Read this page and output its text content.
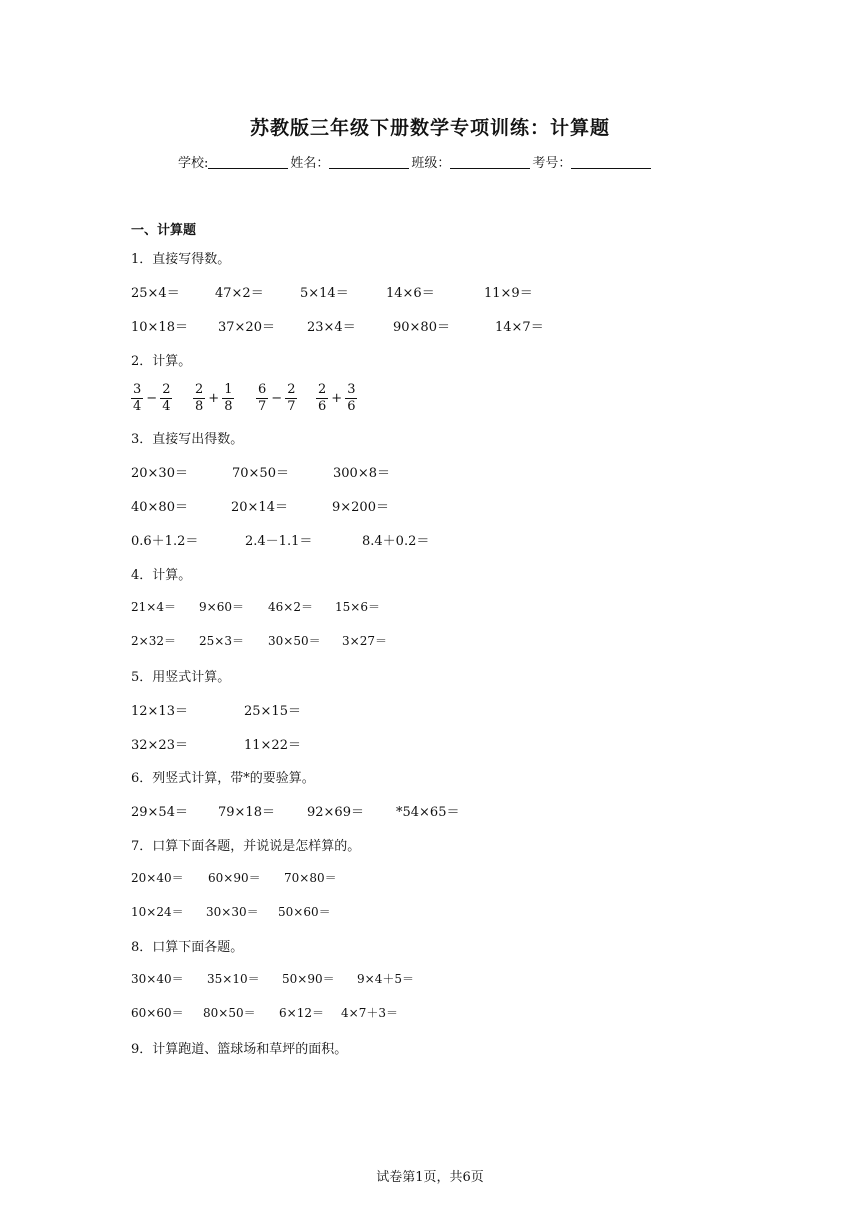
苏教版三年级下册数学专项训练：计算题
学校:	姓名：	班级：	考号：
一、计算题
1．直接写得数。
25×4＝	47×2＝	5×14＝	14×6＝	11×9＝
10×18＝ 37×20＝ 23×4＝	90×80＝	14×7＝
2．计算。
$\frac{3}{4} - \frac{2}{4} \frac{2}{8} + \frac{1}{8} \frac{6}{7} - \frac{2}{7} \frac{2}{6} + \frac{3}{6}$
3．直接写出得数。
20×30＝	70×50＝	300×8＝
40×80＝	20×14＝	9×200＝
0.6＋1.2＝	2.4－1.1＝	8.4＋0.2＝
4．计算。
21×4＝ 9×60＝ 46×2＝ 15×6＝
2×32＝ 25×3＝ 30×50＝ 3×27＝
5．用竖式计算。
12×13＝	25×15＝
32×23＝	11×22＝
6．列竖式计算，带*的要验算。
29×54＝ 79×18＝ 92×69＝ *54×65＝
7．口算下面各题，并说说是怎样算的。
20×40＝ 60×90＝ 70×80＝
10×24＝ 30×30＝ 50×60＝
8．口算下面各题。
30×40＝ 35×10＝ 50×90＝ 9×4＋5＝
60×60＝ 80×50＝ 6×12＝ 4×7＋3＝
9．计算跑道、篮球场和草坪的面积。
试卷第1页，共6页
